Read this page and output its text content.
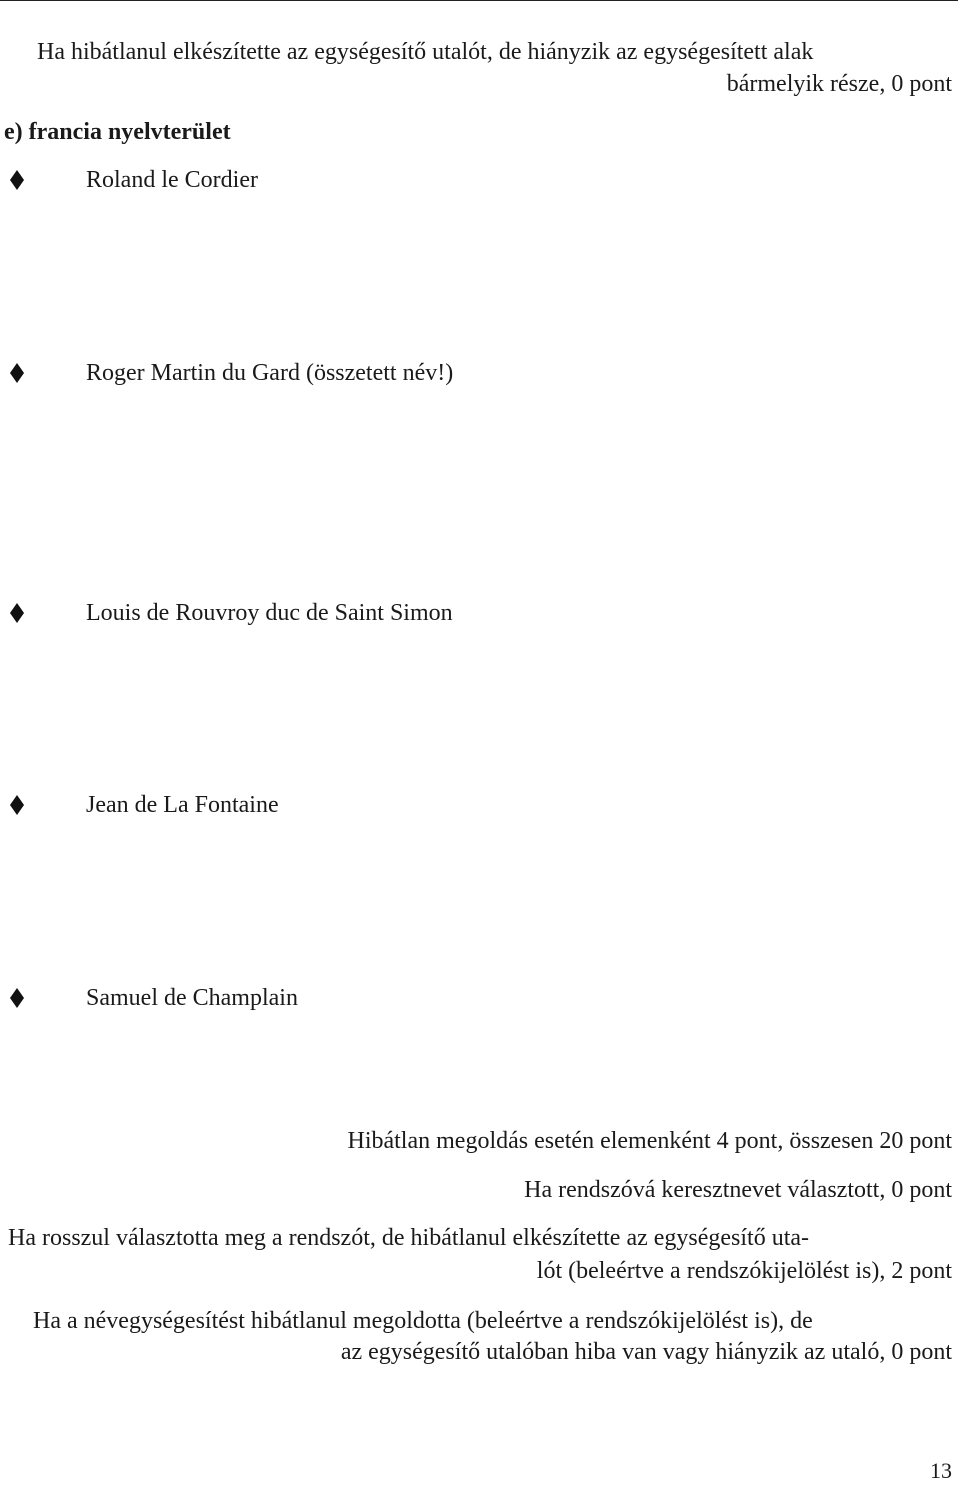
Ha hibátlanul elkészítette az egységesítő utalót, de hiányzik az egységesített alak
bármelyik része, 0 pont
e) francia nyelvterület
Roland le Cordier
Roger Martin du Gard (összetett név!)
Louis de Rouvroy duc de Saint Simon
Jean de La Fontaine
Samuel de Champlain
Hibátlan megoldás esetén elemenként 4 pont, összesen 20 pont
Ha rendszóvá keresztnevet választott, 0 pont
Ha rosszul választotta meg a rendszót, de hibátlanul elkészítette az egységesítő uta-
lót (beleértve a rendszókijelölést is), 2 pont
Ha a névegységesítést hibátlanul megoldotta (beleértve a rendszókijelölést is), de
az egységesítő utalóban hiba van vagy hiányzik az utaló, 0 pont
13
